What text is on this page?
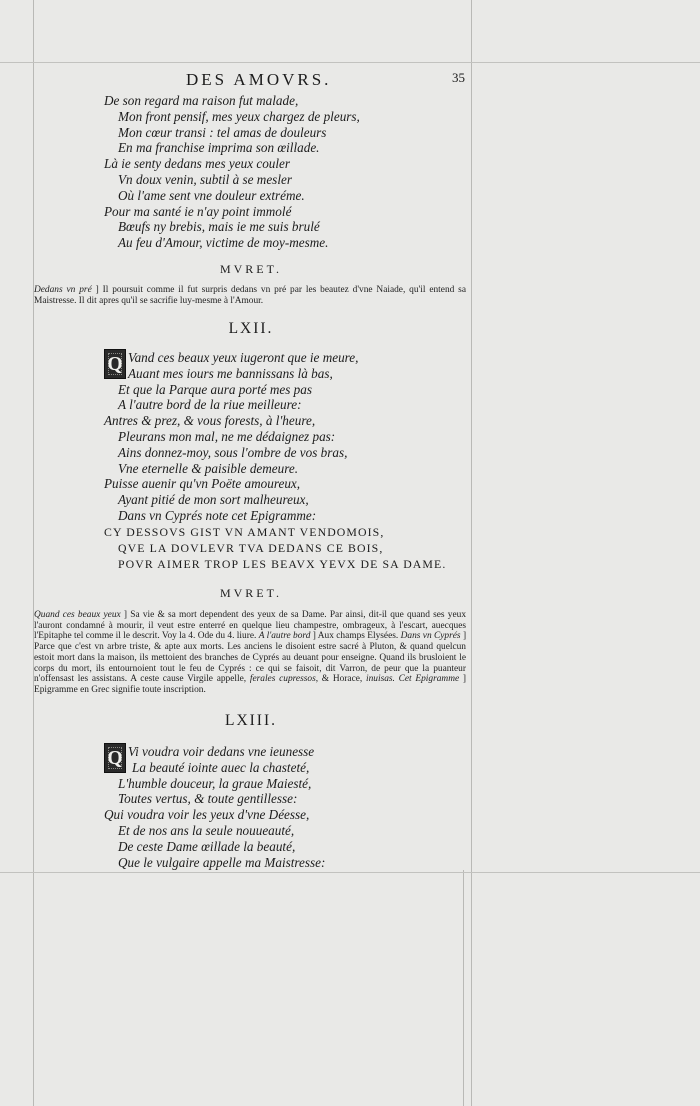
DES AMOVRS.	35
De son regard ma raison fut malade,
Mon front pensif, mes yeux chargez de pleurs,
Mon cœur transi : tel amas de douleurs
En ma franchise imprima son œillade.
Là ie senty dedans mes yeux couler
Vn doux venin, subtil à se mesler
Où l'ame sent vne douleur extréme.
Pour ma santé ie n'ay point immolé
Bœufs ny brebis, mais ie me suis brulé
Au feu d'Amour, victime de moy-mesme.
MVRET.
Dedans vn pré ] Il poursuit comme il fut surpris dedans vn pré par les beautez d'vne Naiade, qu'il entend sa Maistresse. Il dit apres qu'il se sacrifie luy-mesme à l'Amour.
LXII.
Q Vand ces beaux yeux iugeront que ie meure,
Auant mes iours me bannissans là bas,
Et que la Parque aura porté mes pas
A l'autre bord de la riue meilleure:
Antres & prez, & vous forests, à l'heure,
Pleurans mon mal, ne me dédaignez pas:
Ains donnez-moy, sous l'ombre de vos bras,
Vne eternelle & paisible demeure.
Puisse auenir qu'vn Poëte amoureux,
Ayant pitié de mon sort malheureux,
Dans vn Cyprés note cet Epigramme:
CY DESSOVS GIST VN AMANT VENDOMOIS,
QVE LA DOVLEVR TVA DEDANS CE BOIS,
POVR AIMER TROP LES BEAVX YEVX DE SA DAME.
MVRET.
Quand ces beaux yeux ] Sa vie & sa mort dependent des yeux de sa Dame. Par ainsi, dit-il que quand ses yeux l'auront condamné à mourir, il veut estre enterré en quelque lieu champestre, ombrageux, à l'escart, auecques l'Epitaphe tel comme il le descrit. Voy la 4. Ode du 4. liure. A l'autre bord ] Aux champs Elysées. Dans vn Cyprés ] Parce que c'est vn arbre triste, & apte aux morts. Les anciens le disoient estre sacré à Pluton, & quand quelcun estoit mort dans la maison, ils mettoient des branches de Cyprés au deuant pour enseigne. Quand ils brusloient le corps du mort, ils entournoient tout le feu de Cyprés : ce qui se faisoit, dit Varron, de peur que la puanteur n'offensast les assistans. A ceste cause Virgile appelle, ferales cupressos, & Horace, inuisas. Cet Epigramme ] Epigramme en Grec signifie toute inscription.
LXIII.
Q Vi voudra voir dedans vne ieunesse
La beauté iointe auec la chasteté,
L'humble douceur, la graue Maiesté,
Toutes vertus, & toute gentillesse:
Qui voudra voir les yeux d'vne Déesse,
Et de nos ans la seule nouueauté,
De ceste Dame œillade la beauté,
Que le vulgaire appelle ma Maistresse:
